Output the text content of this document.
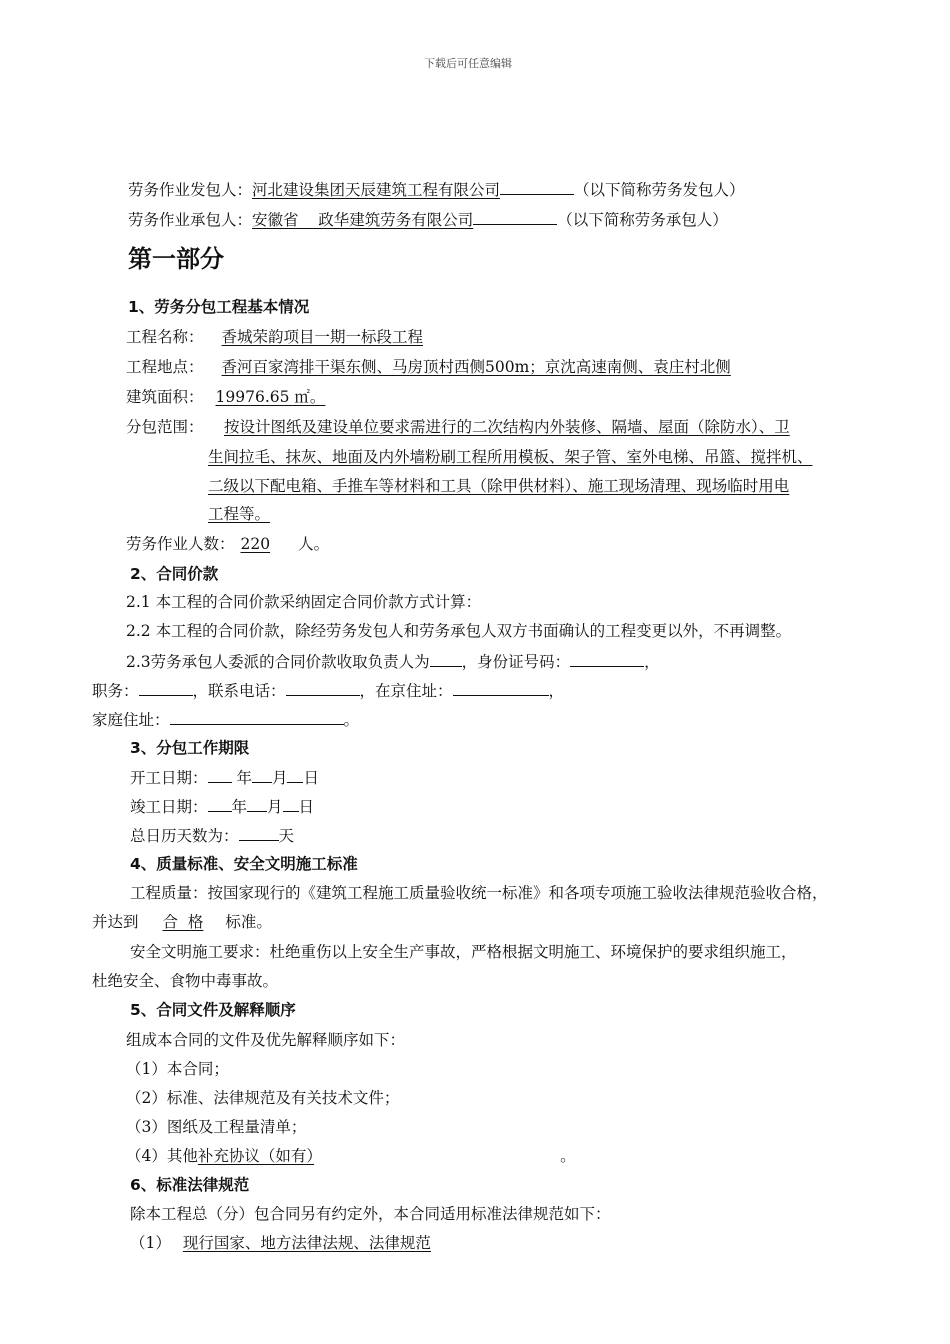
下载后可任意编辑
劳务作业发包人：河北建设集团天辰建筑工程有限公司	（以下简称劳务发包人）
劳务作业承包人：安徽省    政华建筑劳务有限公司	（以下简称劳务承包人）
第一部分
1、劳务分包工程基本情况
工程名称： 香城荣韵项目一期一标段工程
工程地点： 香河百家湾排干渠东侧、马房顶村西侧500m；京沈高速南侧、袁庄村北侧
建筑面积： 19976.65 ㎡。
分包范围：	按设计图纸及建设单位要求需进行的二次结构内外装修、隔墙、屋面（除防水）、卫
生间拉毛、抹灰、地面及内外墙粉刷工程所用模板、架子管、室外电梯、吊篮、搅拌机、
二级以下配电箱、手推车等材料和工具（除甲供材料）、施工现场清理、现场临时用电
工程等。
劳务作业人数： 220 人。
2、合同价款
2.1 本工程的合同价款采纳固定合同价款方式计算：
2.2 本工程的合同价款，除经劳务发包人和劳务承包人双方书面确认的工程变更以外，不再调整。
2.3劳务承包人委派的合同价款收取负责人为 ，身份证号码：	，
职务：	，联系电话：	，在京住址：	，
家庭住址：	。
3、分包工作期限
开工日期： 年 月 日
竣工日期： 年 月 日
总日历天数为：	天
4、质量标准、安全文明施工标准
工程质量：按国家现行的《建筑工程施工质量验收统一标准》和各项专项施工验收法律规范验收合格，
并达到 合  格 标准。
安全文明施工要求：杜绝重伤以上安全生产事故，严格根据文明施工、环境保护的要求组织施工，
杜绝安全、食物中毒事故。
5、合同文件及解释顺序
组成本合同的文件及优先解释顺序如下：
（1）本合同；
（2）标准、法律规范及有关技术文件；
（3）图纸及工程量清单；
（4）其他补充协议（如有）	。
6、标准法律规范
除本工程总（分）包合同另有约定外，本合同适用标准法律规范如下：
（1） 现行国家、地方法律法规、法律规范
